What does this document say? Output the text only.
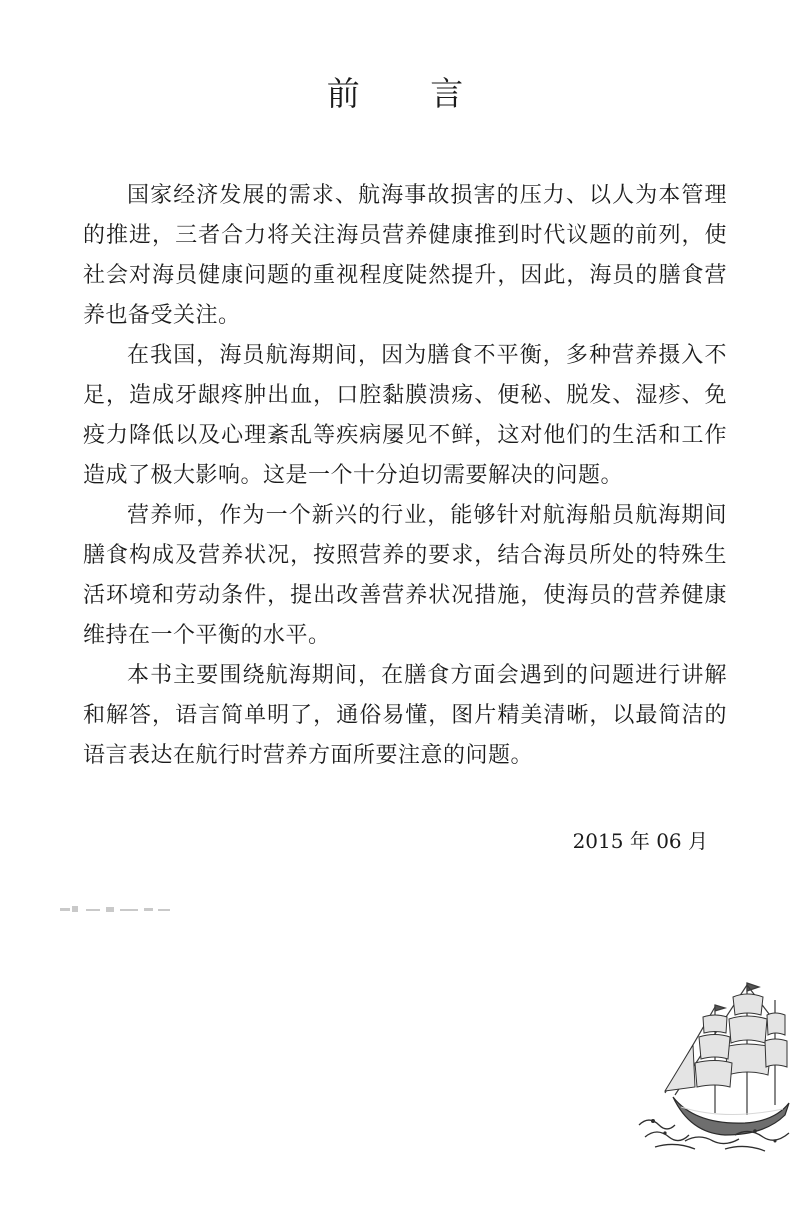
前 言

国家经济发展的需求、航海事故损害的压力、以人为本管理的推进，三者合力将关注海员营养健康推到时代议题的前列，使社会对海员健康问题的重视程度陡然提升，因此，海员的膳食营养也备受关注。

在我国，海员航海期间，因为膳食不平衡，多种营养摄入不足，造成牙龈疼肿出血，口腔黏膜溃疡、便秘、脱发、湿疹、免疫力降低以及心理紊乱等疾病屡见不鲜，这对他们的生活和工作造成了极大影响。这是一个十分迫切需要解决的问题。

营养师，作为一个新兴的行业，能够针对航海船员航海期间膳食构成及营养状况，按照营养的要求，结合海员所处的特殊生活环境和劳动条件，提出改善营养状况措施，使海员的营养健康维持在一个平衡的水平。

本书主要围绕航海期间，在膳食方面会遇到的问题进行讲解和解答，语言简单明了，通俗易懂，图片精美清晰，以最简洁的语言表达在航行时营养方面所要注意的问题。

2015 年 06 月
